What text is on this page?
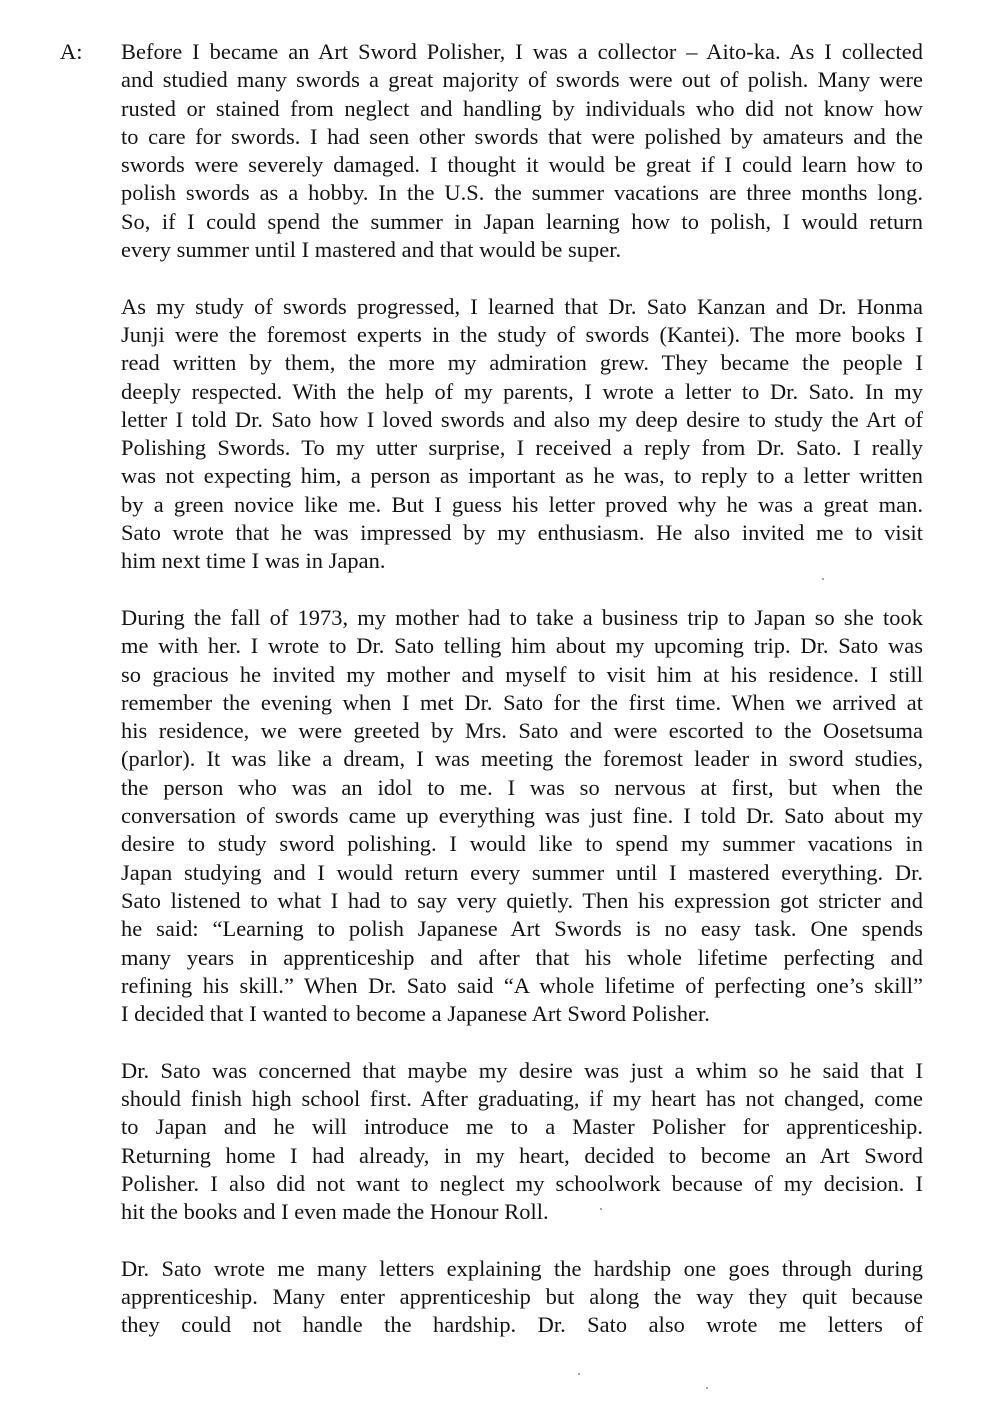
A: Before I became an Art Sword Polisher, I was a collector – Aito-ka. As I collected
and studied many swords a great majority of swords were out of polish. Many were
rusted or stained from neglect and handling by individuals who did not know how
to care for swords. I had seen other swords that were polished by amateurs and the
swords were severely damaged. I thought it would be great if I could learn how to
polish swords as a hobby. In the U.S. the summer vacations are three months long.
So, if I could spend the summer in Japan learning how to polish, I would return
every summer until I mastered and that would be super.
As my study of swords progressed, I learned that Dr. Sato Kanzan and Dr. Honma
Junji were the foremost experts in the study of swords (Kantei). The more books I
read written by them, the more my admiration grew. They became the people I
deeply respected. With the help of my parents, I wrote a letter to Dr. Sato. In my
letter I told Dr. Sato how I loved swords and also my deep desire to study the Art of
Polishing Swords. To my utter surprise, I received a reply from Dr. Sato. I really
was not expecting him, a person as important as he was, to reply to a letter written
by a green novice like me. But I guess his letter proved why he was a great man.
Sato wrote that he was impressed by my enthusiasm. He also invited me to visit
him next time I was in Japan.
During the fall of 1973, my mother had to take a business trip to Japan so she took
me with her. I wrote to Dr. Sato telling him about my upcoming trip. Dr. Sato was
so gracious he invited my mother and myself to visit him at his residence. I still
remember the evening when I met Dr. Sato for the first time. When we arrived at
his residence, we were greeted by Mrs. Sato and were escorted to the Oosetsuma
(parlor). It was like a dream, I was meeting the foremost leader in sword studies,
the person who was an idol to me. I was so nervous at first, but when the
conversation of swords came up everything was just fine. I told Dr. Sato about my
desire to study sword polishing. I would like to spend my summer vacations in
Japan studying and I would return every summer until I mastered everything. Dr.
Sato listened to what I had to say very quietly. Then his expression got stricter and
he said: “Learning to polish Japanese Art Swords is no easy task. One spends
many years in apprenticeship and after that his whole lifetime perfecting and
refining his skill.” When Dr. Sato said “A whole lifetime of perfecting one’s skill”
I decided that I wanted to become a Japanese Art Sword Polisher.
Dr. Sato was concerned that maybe my desire was just a whim so he said that I
should finish high school first. After graduating, if my heart has not changed, come
to Japan and he will introduce me to a Master Polisher for apprenticeship.
Returning home I had already, in my heart, decided to become an Art Sword
Polisher. I also did not want to neglect my schoolwork because of my decision. I
hit the books and I even made the Honour Roll.
Dr. Sato wrote me many letters explaining the hardship one goes through during
apprenticeship. Many enter apprenticeship but along the way they quit because
they could not handle the hardship. Dr. Sato also wrote me letters of
